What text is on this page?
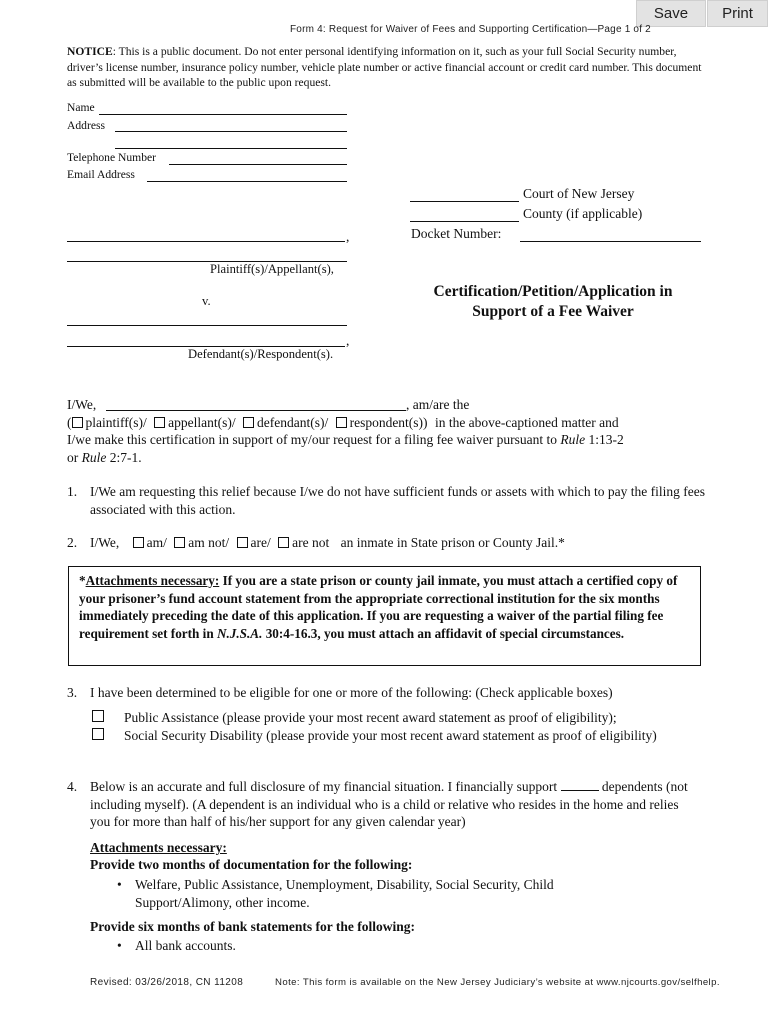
Save	Print
Form 4: Request for Waiver of Fees and Supporting Certification—Page 1 of 2
NOTICE: This is a public document. Do not enter personal identifying information on it, such as your full Social Security number, driver’s license number, insurance policy number, vehicle plate number or active financial account or credit card number. This document as submitted will be available to the public upon request.
Name
Address
Telephone Number
Email Address
Court of New Jersey
County (if applicable)
Docket Number:
,
Plaintiff(s)/Appellant(s),
v.
,
Defendant(s)/Respondent(s).
Certification/Petition/Application in
Support of a Fee Waiver
I/We,	, am/are the
( plaintiff(s)/ appellant(s)/ defendant(s)/ respondent(s)) in the above-captioned matter and
I/we make this certification in support of my/our request for a filing fee waiver pursuant to Rule 1:13-2
or Rule 2:7-1.
1. I/We am requesting this relief because I/we do not have sufficient funds or assets with which to pay the filing fees associated with this action.
2. I/We, am/ am not/ are/ are not an inmate in State prison or County Jail.*
*Attachments necessary: If you are a state prison or county jail inmate, you must attach a certified copy of your prisoner’s fund account statement from the appropriate correctional institution for the six months immediately preceding the date of this application. If you are requesting a waiver of the partial filing fee requirement set forth in N.J.S.A. 30:4-16.3, you must attach an affidavit of special circumstances.
3. I have been determined to be eligible for one or more of the following: (Check applicable boxes)
Public Assistance (please provide your most recent award statement as proof of eligibility);
Social Security Disability (please provide your most recent award statement as proof of eligibility)
4. Below is an accurate and full disclosure of my financial situation. I financially support	dependents (not including myself). (A dependent is an individual who is a child or relative who resides in the home and relies you for more than half of his/her support for any given calendar year)
Attachments necessary:
Provide two months of documentation for the following:
• Welfare, Public Assistance, Unemployment, Disability, Social Security, Child Support/Alimony, other income.
Provide six months of bank statements for the following:
• All bank accounts.
Revised: 03/26/2018, CN 11208	Note: This form is available on the New Jersey Judiciary’s website at www.njcourts.gov/selfhelp.
